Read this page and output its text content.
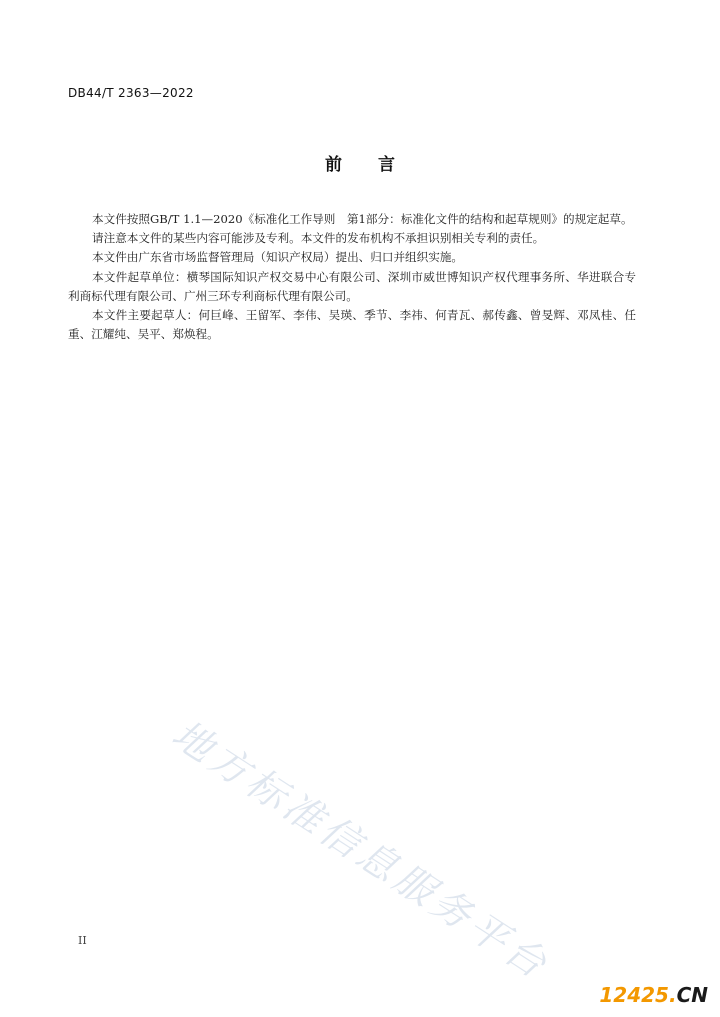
DB44/T 2363—2022
前言

本文件按照GB/T 1.1—2020《标准化工作导则　第1部分：标准化文件的结构和起草规则》的规定起草。

请注意本文件的某些内容可能涉及专利。本文件的发布机构不承担识别相关专利的责任。

本文件由广东省市场监督管理局（知识产权局）提出、归口并组织实施。

本文件起草单位：横琴国际知识产权交易中心有限公司、深圳市威世博知识产权代理事务所、华进联合专利商标代理有限公司、广州三环专利商标代理有限公司。

本文件主要起草人：何巨峰、王留军、李伟、吴瑛、季节、李祎、何青瓦、郝传鑫、曾旻辉、邓凤桂、任重、江耀纯、吴平、郑焕程。

地方标准信息服务平台
II
12425.CN
